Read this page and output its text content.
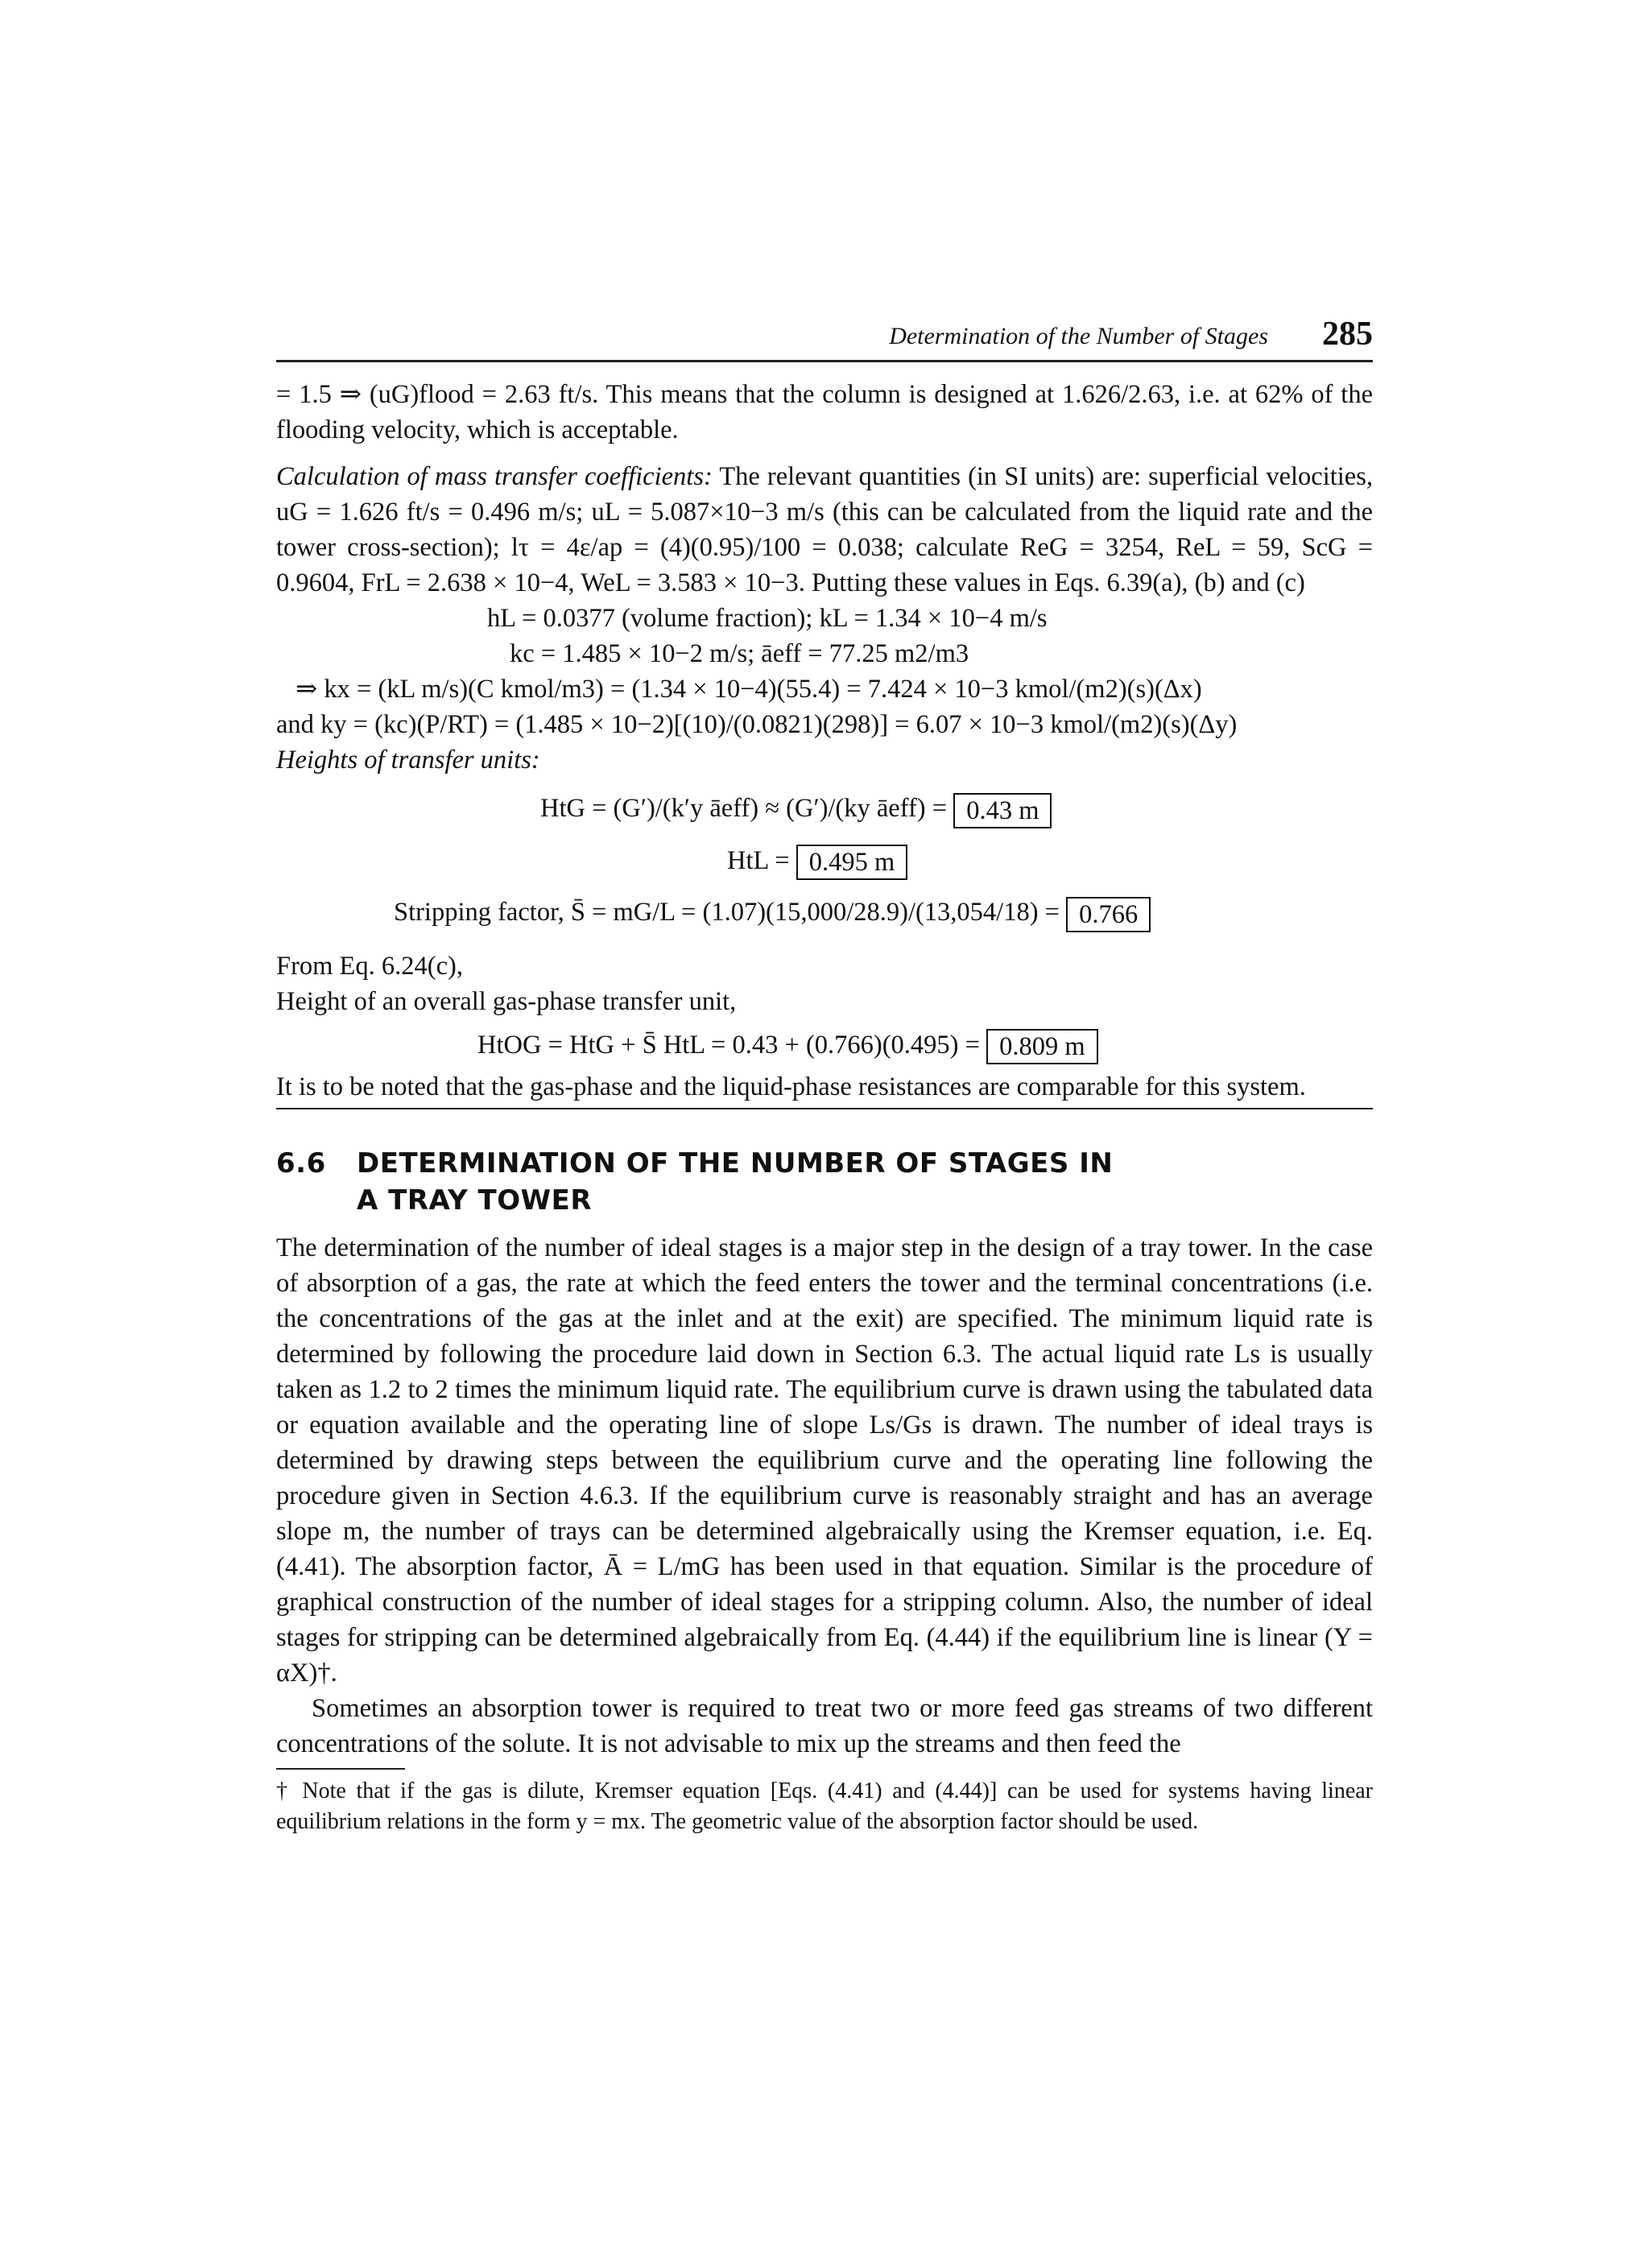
Determination of the Number of Stages 285

= 1.5 ⇒ (uG)flood = 2.63 ft/s. This means that the column is designed at 1.626/2.63, i.e. at 62% of the flooding velocity, which is acceptable.

Calculation of mass transfer coefficients: The relevant quantities (in SI units) are: superficial velocities, uG = 1.626 ft/s = 0.496 m/s; uL = 5.087×10−3 m/s (this can be calculated from the liquid rate and the tower cross-section); lτ = 4ε/ap = (4)(0.95)/100 = 0.038; calculate ReG = 3254, ReL = 59, ScG = 0.9604, FrL = 2.638 × 10−4, WeL = 3.583 × 10−3. Putting these values in Eqs. 6.39(a), (b) and (c)

hL = 0.0377 (volume fraction); kL = 1.34 × 10−4 m/s
kc = 1.485 × 10−2 m/s; āeff = 77.25 m2/m3
⇒ kx = (kL m/s)(C kmol/m3) = (1.34 × 10−4)(55.4) = 7.424 × 10−3 kmol/(m2)(s)(Δx)
and ky = (kc)(P/RT) = (1.485 × 10−2)[(10)/(0.0821)(298)] = 6.07 × 10−3 kmol/(m2)(s)(Δy)
Heights of transfer units:
HtG = (G′)/(k′y āeff) ≈ (G′)/(ky āeff) = 0.43 m
HtL = 0.495 m
Stripping factor, S̄ = mG/L = (1.07)(15,000/28.9)/(13,054/18) = 0.766
From Eq. 6.24(c),
Height of an overall gas-phase transfer unit,
HtOG = HtG + S̄ HtL = 0.43 + (0.766)(0.495) = 0.809 m

It is to be noted that the gas-phase and the liquid-phase resistances are comparable for this system.

6.6 DETERMINATION OF THE NUMBER OF STAGES IN
A TRAY TOWER

The determination of the number of ideal stages is a major step in the design of a tray tower. In the case of absorption of a gas, the rate at which the feed enters the tower and the terminal concentrations (i.e. the concentrations of the gas at the inlet and at the exit) are specified. The minimum liquid rate is determined by following the procedure laid down in Section 6.3. The actual liquid rate Ls is usually taken as 1.2 to 2 times the minimum liquid rate. The equilibrium curve is drawn using the tabulated data or equation available and the operating line of slope Ls/Gs is drawn. The number of ideal trays is determined by drawing steps between the equilibrium curve and the operating line following the procedure given in Section 4.6.3. If the equilibrium curve is reasonably straight and has an average slope m, the number of trays can be determined algebraically using the Kremser equation, i.e. Eq. (4.41). The absorption factor, Ā = L/mG has been used in that equation. Similar is the procedure of graphical construction of the number of ideal stages for a stripping column. Also, the number of ideal stages for stripping can be determined algebraically from Eq. (4.44) if the equilibrium line is linear (Y = αX)†.

Sometimes an absorption tower is required to treat two or more feed gas streams of two different concentrations of the solute. It is not advisable to mix up the streams and then feed the

† Note that if the gas is dilute, Kremser equation [Eqs. (4.41) and (4.44)] can be used for systems having linear equilibrium relations in the form y = mx. The geometric value of the absorption factor should be used.
